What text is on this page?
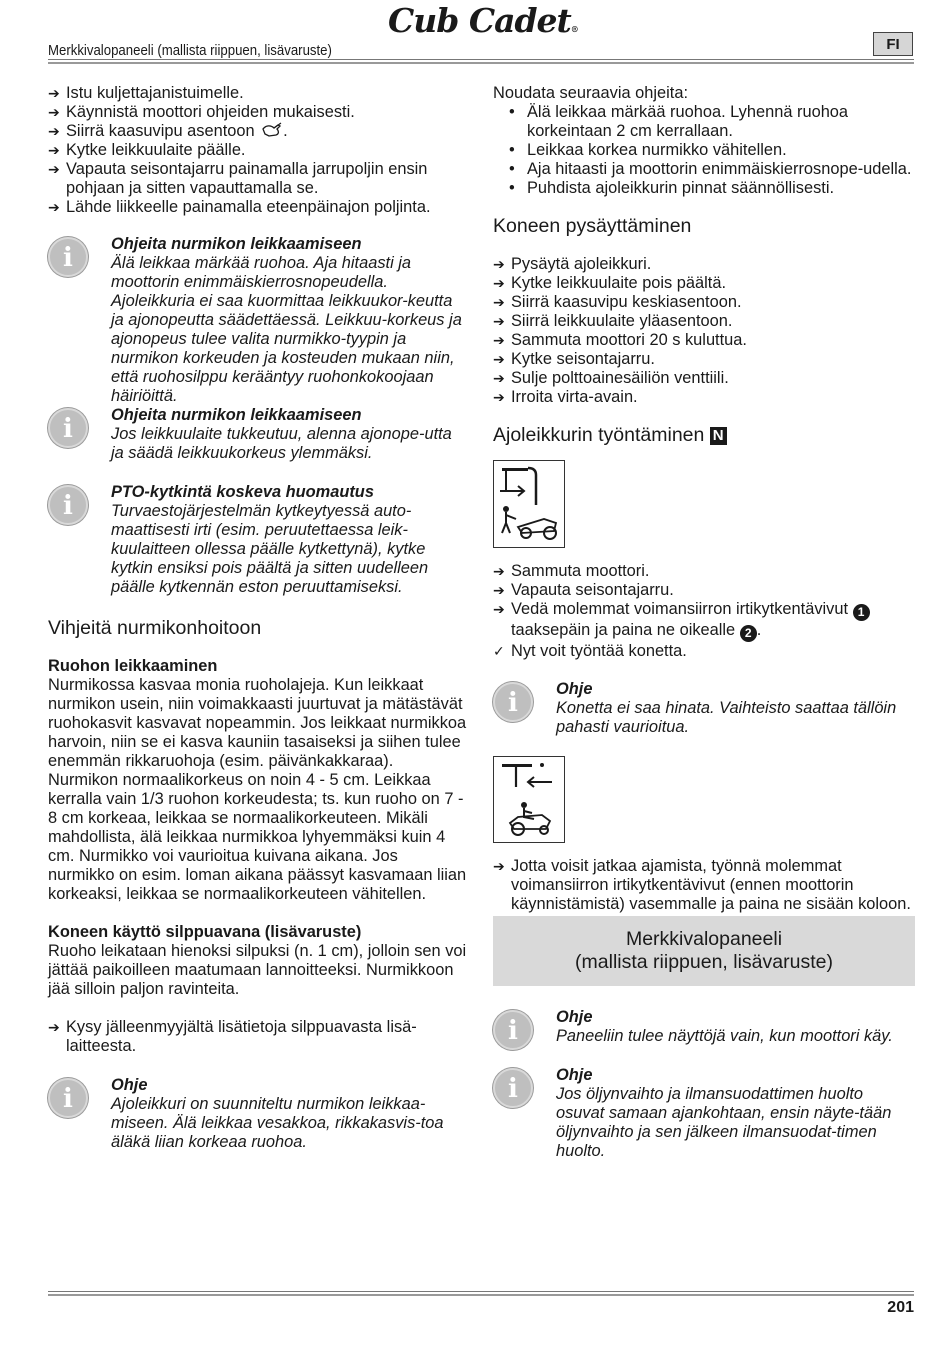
Merkkivalopaneeli (mallista riippuen, lisävaruste)
Cub Cadet®
FI
➔ Istu kuljettajanistuimelle.
➔ Käynnistä moottori ohjeiden mukaisesti.
➔ Siirrä kaasuvipu asentoon .
➔ Kytke leikkuulaite päälle.
➔ Vapauta seisontajarru painamalla jarrupoljin ensin pohjaan ja sitten vapauttamalla se.
➔ Lähde liikkeelle painamalla eteenpäinajon poljinta.
i
Ohjeita nurmikon leikkaamiseen
Älä leikkaa märkää ruohoa. Aja hitaasti ja moottorin enimmäiskierrosnopeudella. Ajoleikkuria ei saa kuormittaa leikkuukor-keutta ja ajonopeutta säädettäessä. Leikkuu-korkeus ja ajonopeus tulee valita nurmikko-tyypin ja nurmikon korkeuden ja kosteuden mukaan niin, että ruohosilppu kerääntyy ruohonkokoojaan häiriöittä.
i
Ohjeita nurmikon leikkaamiseen
Jos leikkuulaite tukkeutuu, alenna ajonope-utta ja säädä leikkuukorkeus ylemmäksi.
i
PTO-kytkintä koskeva huomautus
Turvaestojärjestelmän kytkeytyessä auto-maattisesti irti (esim. peruutettaessa leik-kuulaitteen ollessa päälle kytkettynä), kytke kytkin ensiksi pois päältä ja sitten uudelleen päälle kytkennän eston peruuttamiseksi.
Vihjeitä nurmikonhoitoon
Ruohon leikkaaminen
Nurmikossa kasvaa monia ruoholajeja. Kun leikkaat nurmikon usein, niin voimakkaasti juurtuvat ja mätästävät ruohokasvit kasvavat nopeammin. Jos leikkaat nurmikkoa harvoin, niin se ei kasva kauniin tasaiseksi ja siihen tulee enemmän rikkaruohoja (esim. päivänkakkaraa).
Nurmikon normaalikorkeus on noin 4 - 5 cm. Leikkaa kerralla vain 1/3 ruohon korkeudesta; ts. kun ruoho on 7 - 8 cm korkeaa, leikkaa se normaalikorkeuteen. Mikäli mahdollista, älä leikkaa nurmikkoa lyhyemmäksi kuin 4 cm. Nurmikko voi vaurioitua kuivana aikana. Jos nurmikko on esim. loman aikana päässyt kasvamaan liian korkeaksi, leikkaa se normaalikorkeuteen vähitellen.
Koneen käyttö silppuavana (lisävaruste)
Ruoho leikataan hienoksi silpuksi (n. 1 cm), jolloin sen voi jättää paikoilleen maatumaan lannoitteeksi. Nurmikkoon jää silloin paljon ravinteita.
➔ Kysy jälleenmyyjältä lisätietoja silppuavasta lisä-laitteesta.
i
Ohje
Ajoleikkuri on suunniteltu nurmikon leikkaa-miseen. Älä leikkaa vesakkoa, rikkakasvis-toa äläkä liian korkeaa ruohoa.
Noudata seuraavia ohjeita:
• Älä leikkaa märkää ruohoa. Lyhennä ruohoa korkeintaan 2 cm kerrallaan.
• Leikkaa korkea nurmikko vähitellen.
• Aja hitaasti ja moottorin enimmäiskierrosnope-udella.
• Puhdista ajoleikkurin pinnat säännöllisesti.
Koneen pysäyttäminen
➔ Pysäytä ajoleikkuri.
➔ Kytke leikkuulaite pois päältä.
➔ Siirrä kaasuvipu keskiasentoon.
➔ Siirrä leikkuulaite yläasentoon.
➔ Sammuta moottori 20 s kuluttua.
➔ Kytke seisontajarru.
➔ Sulje polttoainesäiliön venttiili.
➔ Irroita virta-avain.
Ajoleikkurin työntäminen N
➔ Sammuta moottori.
➔ Vapauta seisontajarru.
➔ Vedä molemmat voimansiirron irtikytkentävivut 1
taaksepäin ja paina ne oikealle 2 .
✓ Nyt voit työntää konetta.
i
Ohje
Konetta ei saa hinata. Vaihteisto saattaa tällöin pahasti vaurioitua.
➔ Jotta voisit jatkaa ajamista, työnnä molemmat voimansiirron irtikytkentävivut (ennen moottorin käynnistämistä) vasemmalle ja paina ne sisään koloon.
Merkkivalopaneeli
(mallista riippuen, lisävaruste)
i
Ohje
Paneeliin tulee näyttöjä vain, kun moottori käy.
i
Ohje
Jos öljynvaihto ja ilmansuodattimen huolto osuvat samaan ajankohtaan, ensin näyte-tään öljynvaihto ja sen jälkeen ilmansuodat-timen huolto.
201
